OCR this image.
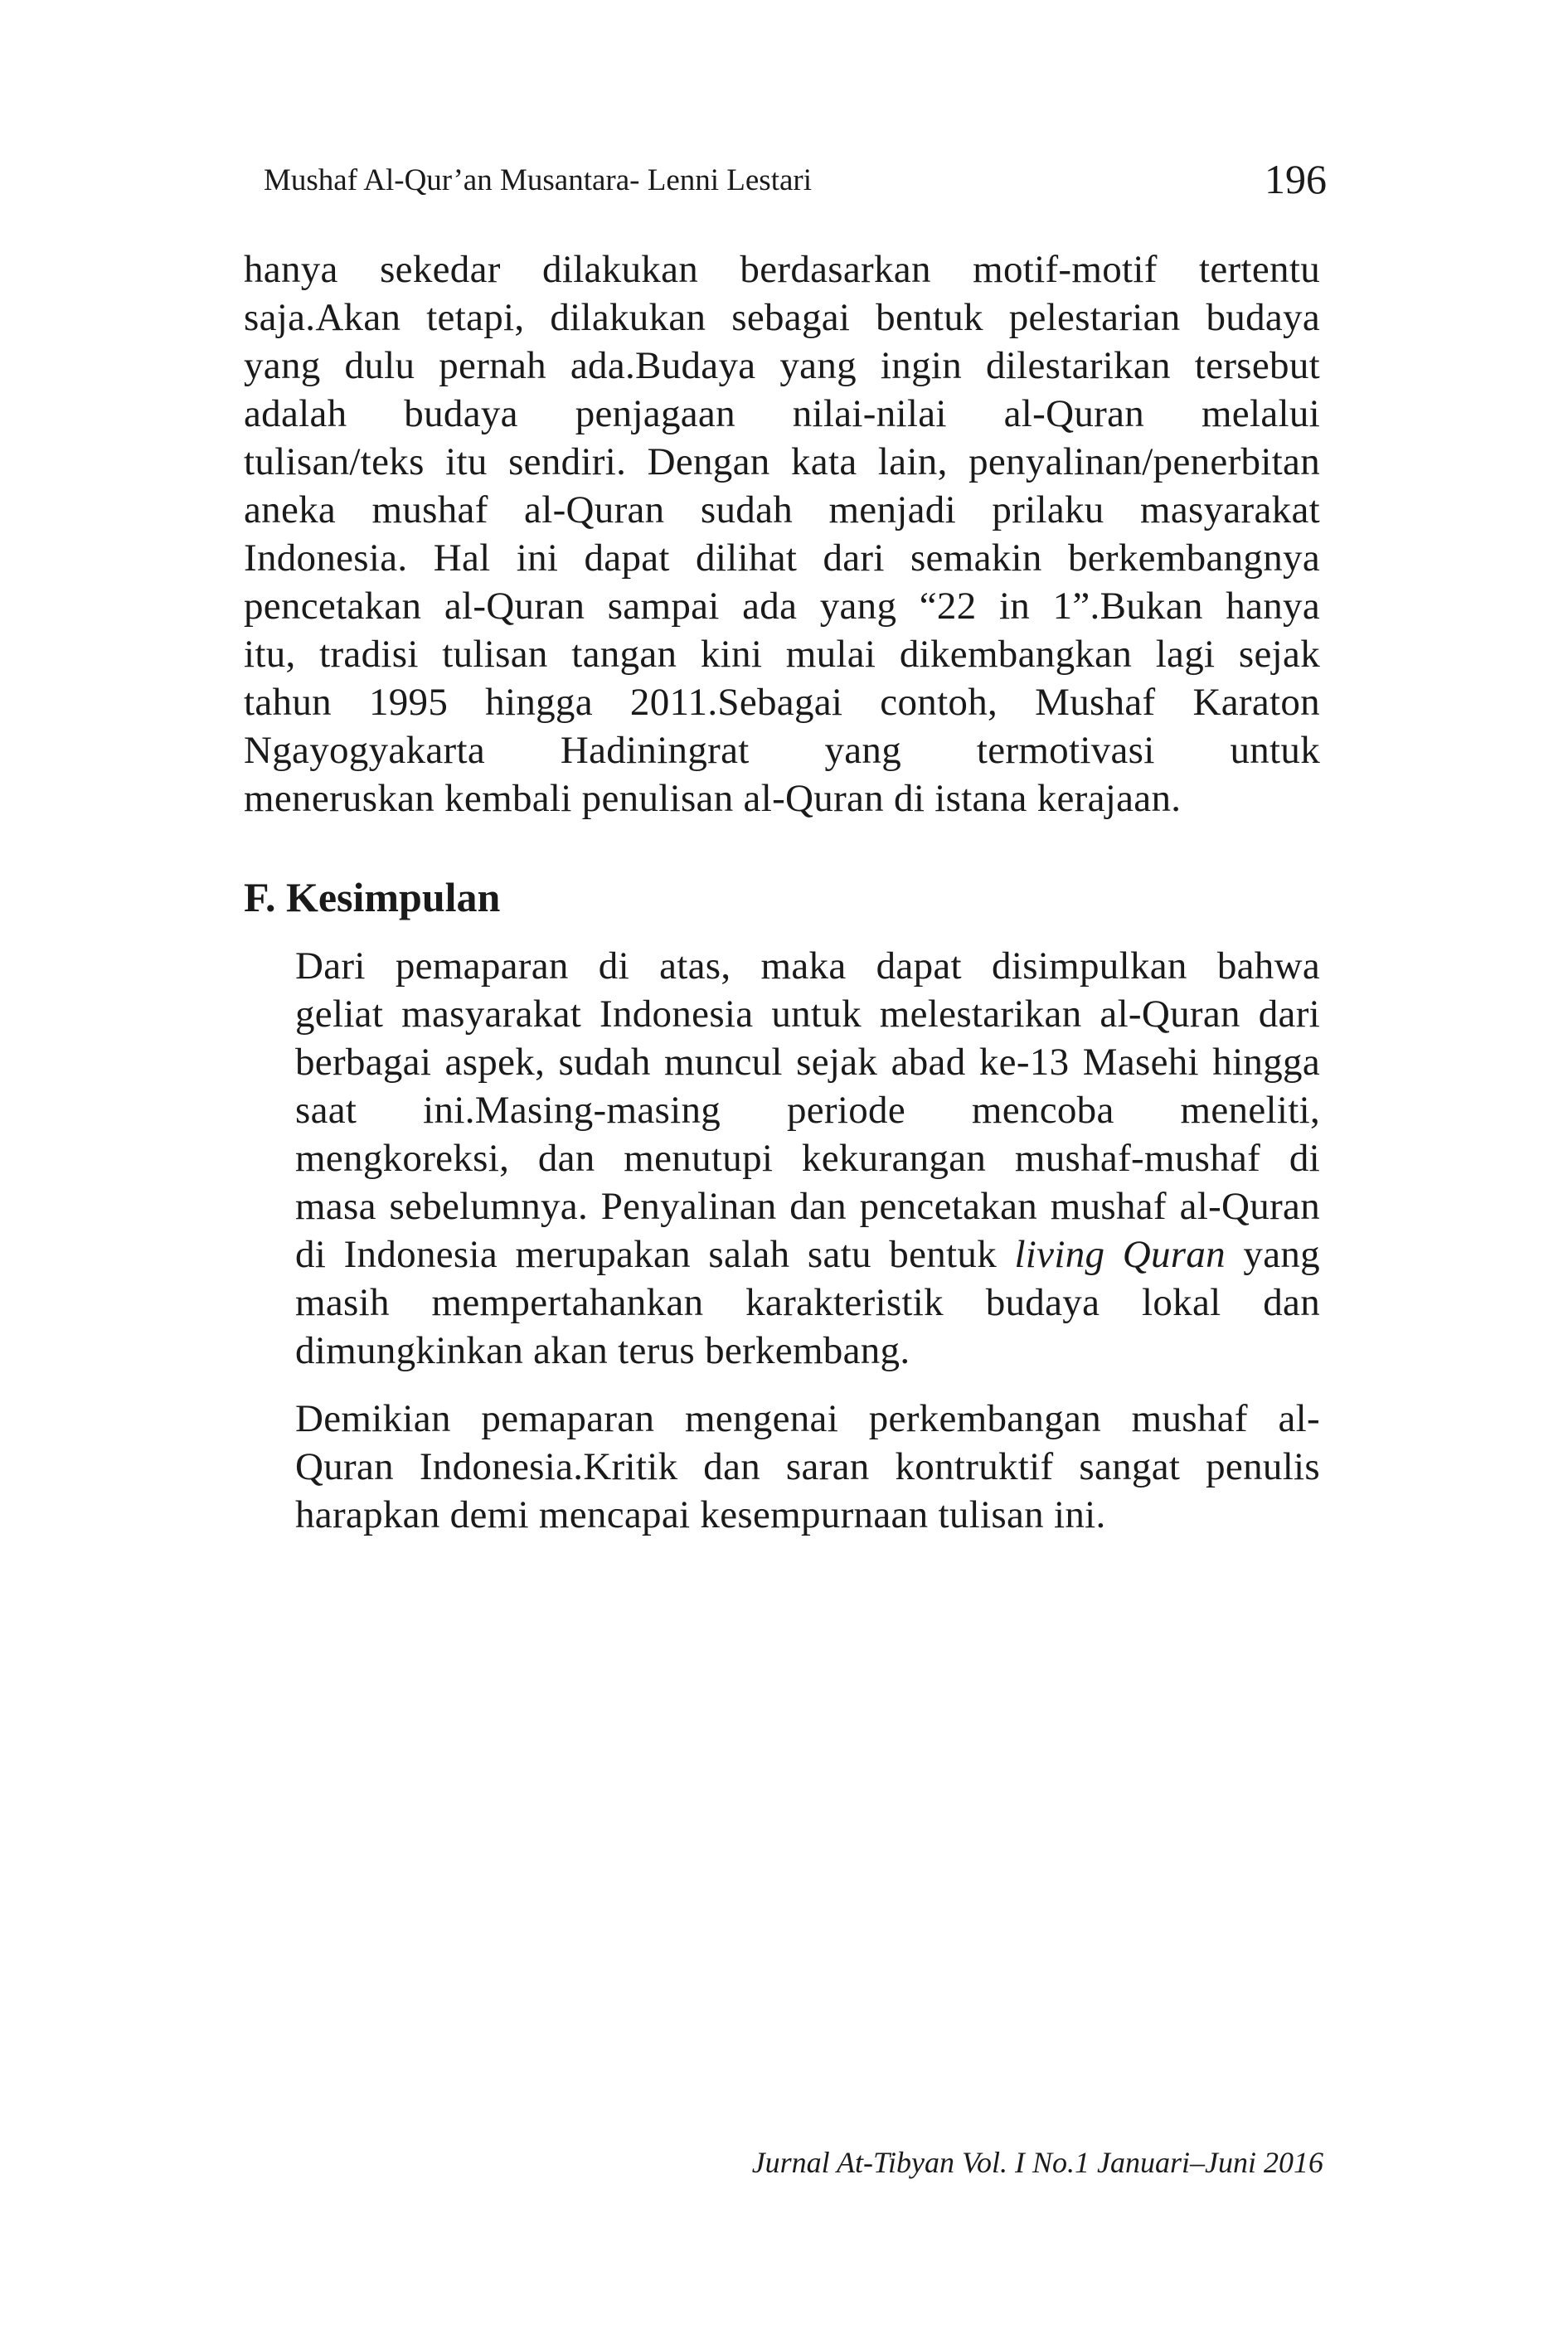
Mushaf Al-Qur’an Musantara- Lenni Lestari	196
hanya sekedar dilakukan berdasarkan motif-motif tertentu
saja.Akan tetapi, dilakukan sebagai bentuk pelestarian budaya
yang dulu pernah ada.Budaya yang ingin dilestarikan tersebut
adalah budaya penjagaan nilai-nilai al-Quran melalui
tulisan/teks itu sendiri. Dengan kata lain, penyalinan/penerbitan
aneka mushaf al-Quran sudah menjadi prilaku masyarakat
Indonesia. Hal ini dapat dilihat dari semakin berkembangnya
pencetakan al-Quran sampai ada yang “22 in 1”.Bukan hanya
itu, tradisi tulisan tangan kini mulai dikembangkan lagi sejak
tahun 1995 hingga 2011.Sebagai contoh, Mushaf Karaton
Ngayogyakarta Hadiningrat yang termotivasi untuk
meneruskan kembali penulisan al-Quran di istana kerajaan.
F. Kesimpulan
Dari pemaparan di atas, maka dapat disimpulkan bahwa
geliat masyarakat Indonesia untuk melestarikan al-Quran dari
berbagai aspek, sudah muncul sejak abad ke-13 Masehi hingga
saat ini.Masing-masing periode mencoba meneliti,
mengkoreksi, dan menutupi kekurangan mushaf-mushaf di
masa sebelumnya. Penyalinan dan pencetakan mushaf al-Quran
di Indonesia merupakan salah satu bentuk living Quran yang
masih mempertahankan karakteristik budaya lokal dan
dimungkinkan akan terus berkembang.
Demikian pemaparan mengenai perkembangan mushaf al-
Quran Indonesia.Kritik dan saran kontruktif sangat penulis
harapkan demi mencapai kesempurnaan tulisan ini.
Jurnal At-Tibyan Vol. I No.1 Januari–Juni 2016
